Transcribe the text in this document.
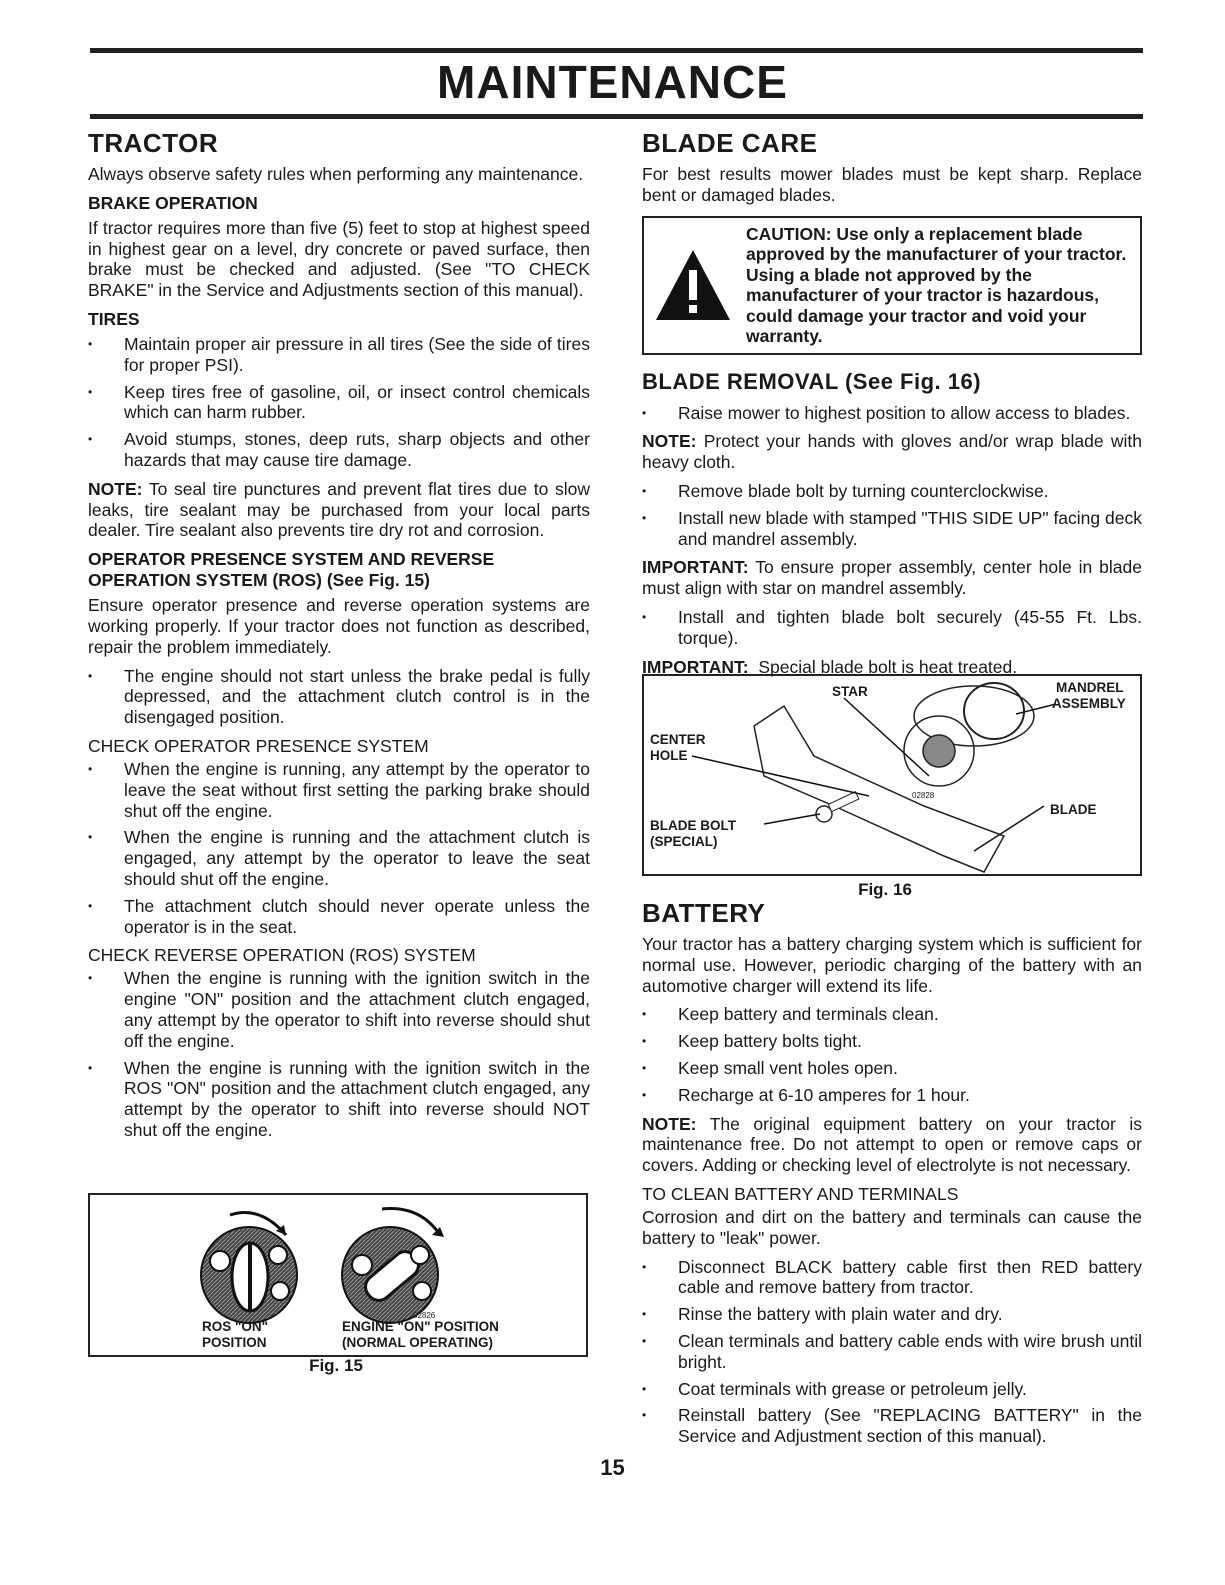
MAINTENANCE
TRACTOR

Always observe safety rules when performing any maintenance.

BRAKE OPERATION

If tractor requires more than five (5) feet to stop at highest speed in highest gear on a level, dry concrete or paved surface, then brake must be checked and adjusted. (See "TO CHECK BRAKE" in the Service and Adjustments section of this manual).

TIRES
• Maintain proper air pressure in all tires (See the side of tires for proper PSI).
• Keep tires free of gasoline, oil, or insect control chemicals which can harm rubber.
• Avoid stumps, stones, deep ruts, sharp objects and other hazards that may cause tire damage.

NOTE: To seal tire punctures and prevent flat tires due to slow leaks, tire sealant may be purchased from your local parts dealer. Tire sealant also prevents tire dry rot and corrosion.

OPERATOR PRESENCE SYSTEM AND REVERSE OPERATION SYSTEM (ROS) (See Fig. 15)

Ensure operator presence and reverse operation systems are working properly. If your tractor does not function as described, repair the problem immediately.

• The engine should not start unless the brake pedal is fully depressed, and the attachment clutch control is in the disengaged position.
CHECK OPERATOR PRESENCE SYSTEM
• When the engine is running, any attempt by the operator to leave the seat without first setting the parking brake should shut off the engine.
• When the engine is running and the attachment clutch is engaged, any attempt by the operator to leave the seat should shut off the engine.
• The attachment clutch should never operate unless the operator is in the seat.
CHECK REVERSE OPERATION (ROS) SYSTEM
• When the engine is running with the ignition switch in the engine "ON" position and the attachment clutch engaged, any attempt by the operator to shift into reverse should shut off the engine.
• When the engine is running with the ignition switch in the ROS "ON" position and the attachment clutch engaged, any attempt by the operator to shift into reverse should NOT shut off the engine.
02826
ROS "ON"
POSITION
ENGINE "ON" POSITION
(NORMAL OPERATING)
Fig. 15
BLADE CARE

For best results mower blades must be kept sharp. Replace bent or damaged blades.

CAUTION: Use only a replacement blade approved by the manufacturer of your tractor. Using a blade not approved by the manufacturer of your tractor is hazardous, could damage your tractor and void your warranty.
BLADE REMOVAL (See Fig. 16)
• Raise mower to highest position to allow access to blades.

NOTE: Protect your hands with gloves and/or wrap blade with heavy cloth.

• Remove blade bolt by turning counterclockwise.
• Install new blade with stamped "THIS SIDE UP" facing deck and mandrel assembly.

IMPORTANT: To ensure proper assembly, center hole in blade must align with star on mandrel assembly.

• Install and tighten blade bolt securely (45-55 Ft. Lbs. torque).

IMPORTANT: Special blade bolt is heat treated.

STAR	MANDREL
ASSEMBLY
CENTER
HOLE
BLADE BOLT
(SPECIAL)
BLADE
02828
Fig. 16
BATTERY

Your tractor has a battery charging system which is sufficient for normal use. However, periodic charging of the battery with an automotive charger will extend its life.

• Keep battery and terminals clean.
• Keep battery bolts tight.
• Keep small vent holes open.
• Recharge at 6-10 amperes for 1 hour.

NOTE: The original equipment battery on your tractor is maintenance free. Do not attempt to open or remove caps or covers. Adding or checking level of electrolyte is not necessary.

TO CLEAN BATTERY AND TERMINALS

Corrosion and dirt on the battery and terminals can cause the battery to "leak" power.

• Disconnect BLACK battery cable first then RED battery cable and remove battery from tractor.
• Rinse the battery with plain water and dry.
• Clean terminals and battery cable ends with wire brush until bright.
• Coat terminals with grease or petroleum jelly.
• Reinstall battery (See "REPLACING BATTERY" in the Service and Adjustment section of this manual).
15
